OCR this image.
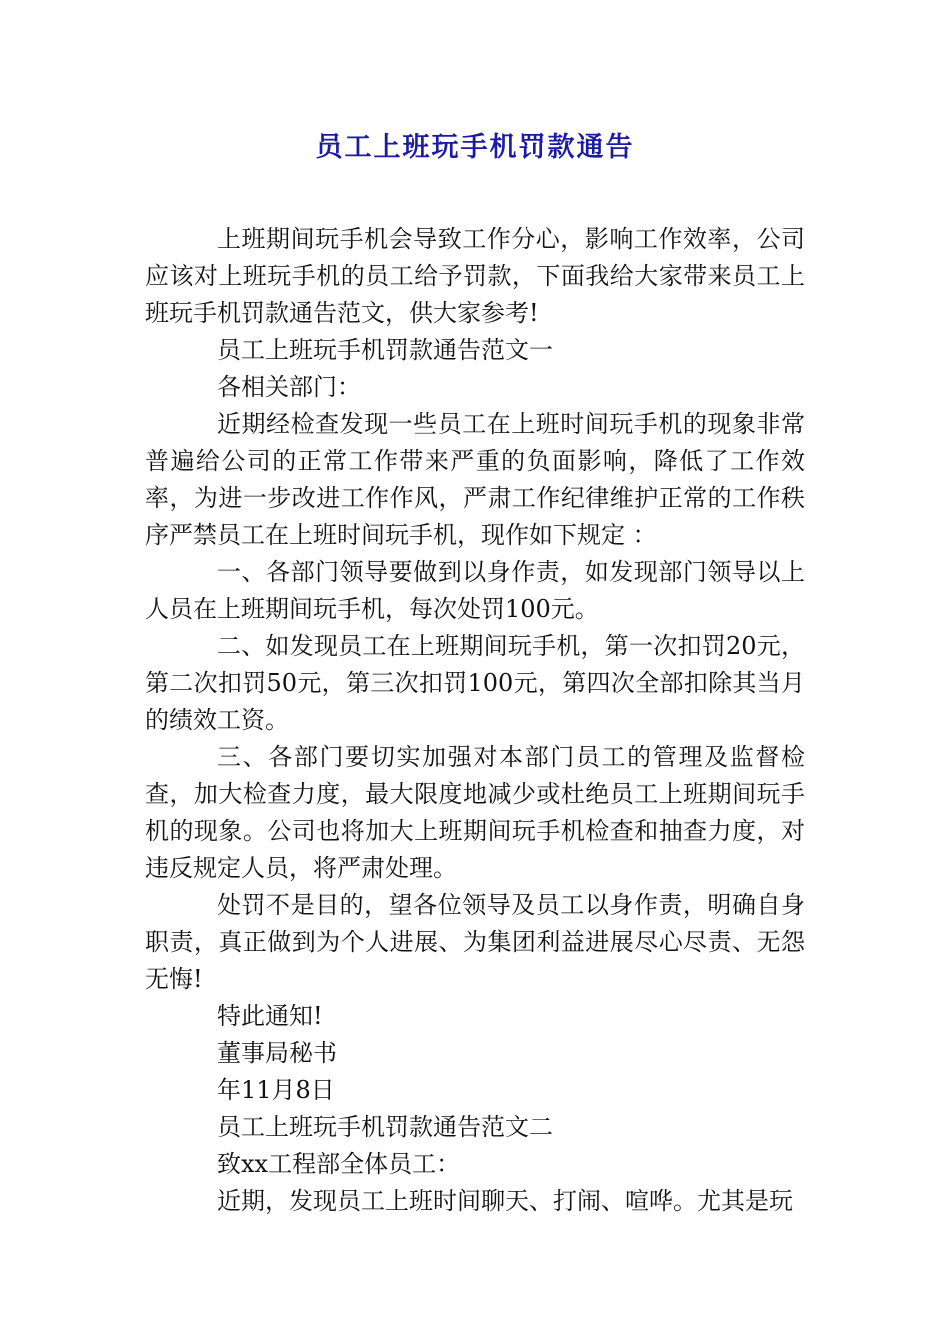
员工上班玩手机罚款通告

上班期间玩手机会导致工作分心，影响工作效率，公司应该对上班玩手机的员工给予罚款，下面我给大家带来员工上班玩手机罚款通告范文，供大家参考!

员工上班玩手机罚款通告范文一

各相关部门：

近期经检查发现一些员工在上班时间玩手机的现象非常普遍给公司的正常工作带来严重的负面影响，降低了工作效率，为进一步改进工作作风，严肃工作纪律维护正常的工作秩序严禁员工在上班时间玩手机，现作如下规定 ：

一、各部门领导要做到以身作责，如发现部门领导以上人员在上班期间玩手机，每次处罚100元。

二、如发现员工在上班期间玩手机，第一次扣罚20元，第二次扣罚50元，第三次扣罚100元，第四次全部扣除其当月的绩效工资。

三、各部门要切实加强对本部门员工的管理及监督检查，加大检查力度，最大限度地减少或杜绝员工上班期间玩手机的现象。公司也将加大上班期间玩手机检查和抽查力度，对违反规定人员，将严肃处理。

处罚不是目的，望各位领导及员工以身作责，明确自身职责，真正做到为个人进展、为集团利益进展尽心尽责、无怨无悔!

特此通知!

董事局秘书

年11月8日

员工上班玩手机罚款通告范文二

致xx工程部全体员工：

近期，发现员工上班时间聊天、打闹、喧哗。尤其是玩
